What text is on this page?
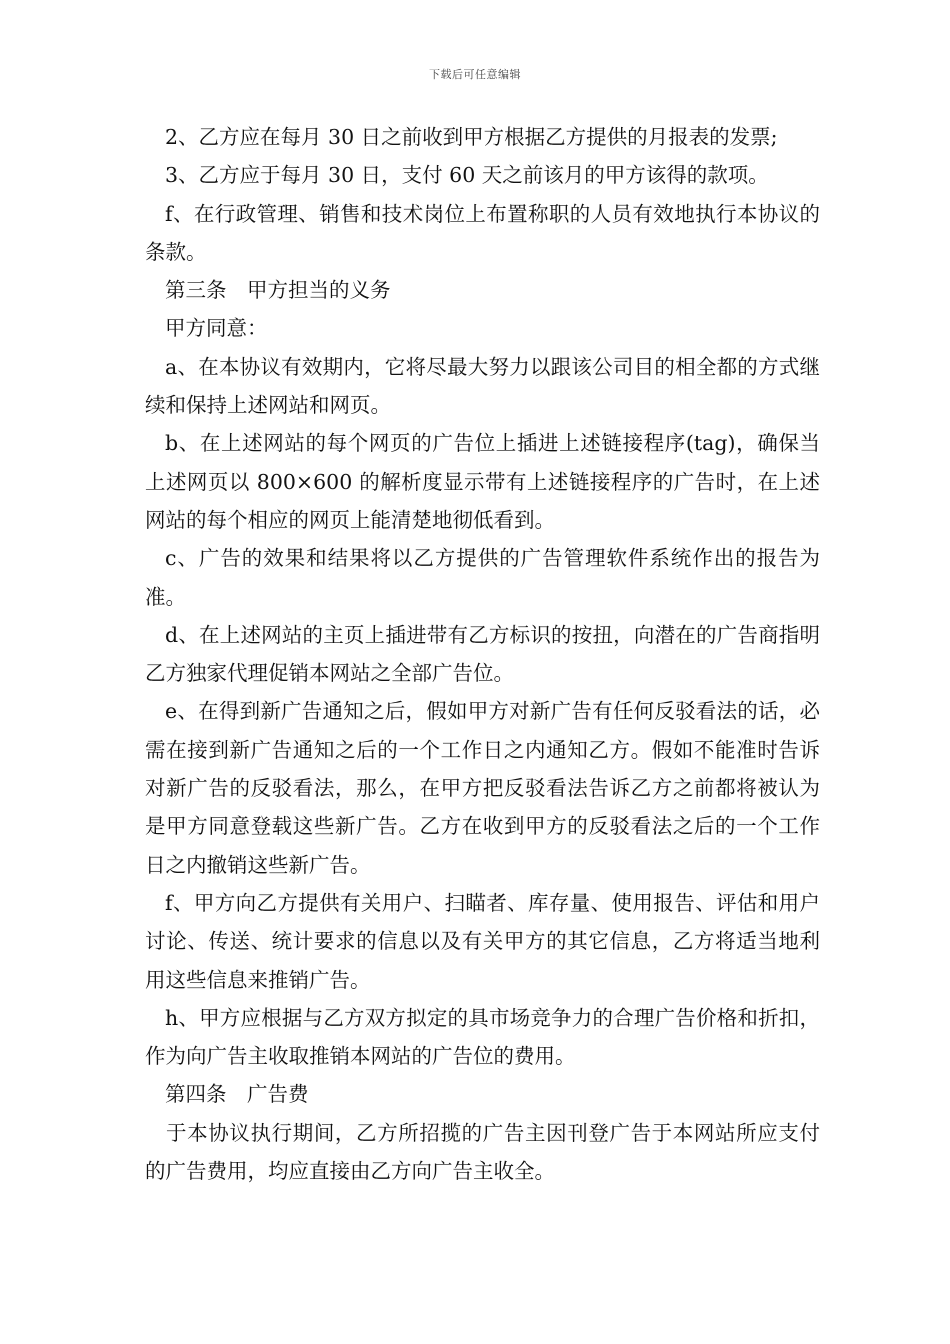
下载后可任意编辑

2、乙方应在每月 30 日之前收到甲方根据乙方提供的月报表的发票;

3、乙方应于每月 30 日，支付 60 天之前该月的甲方该得的款项。

f、在行政管理、销售和技术岗位上布置称职的人员有效地执行本协议的条款。

第三条　甲方担当的义务

甲方同意：

a、在本协议有效期内，它将尽最大努力以跟该公司目的相全都的方式继续和保持上述网站和网页。

b、在上述网站的每个网页的广告位上插进上述链接程序(tag)，确保当上述网页以 800×600 的解析度显示带有上述链接程序的广告时，在上述网站的每个相应的网页上能清楚地彻低看到。

c、广告的效果和结果将以乙方提供的广告管理软件系统作出的报告为准。

d、在上述网站的主页上插进带有乙方标识的按扭，向潜在的广告商指明乙方独家代理促销本网站之全部广告位。

e、在得到新广告通知之后，假如甲方对新广告有任何反驳看法的话，必需在接到新广告通知之后的一个工作日之内通知乙方。假如不能准时告诉对新广告的反驳看法，那么，在甲方把反驳看法告诉乙方之前都将被认为是甲方同意登载这些新广告。乙方在收到甲方的反驳看法之后的一个工作日之内撤销这些新广告。

f、甲方向乙方提供有关用户、扫瞄者、库存量、使用报告、评估和用户讨论、传送、统计要求的信息以及有关甲方的其它信息，乙方将适当地利用这些信息来推销广告。

h、甲方应根据与乙方双方拟定的具市场竞争力的合理广告价格和折扣，作为向广告主收取推销本网站的广告位的费用。

第四条　广告费

于本协议执行期间，乙方所招揽的广告主因刊登广告于本网站所应支付的广告费用，均应直接由乙方向广告主收全。
